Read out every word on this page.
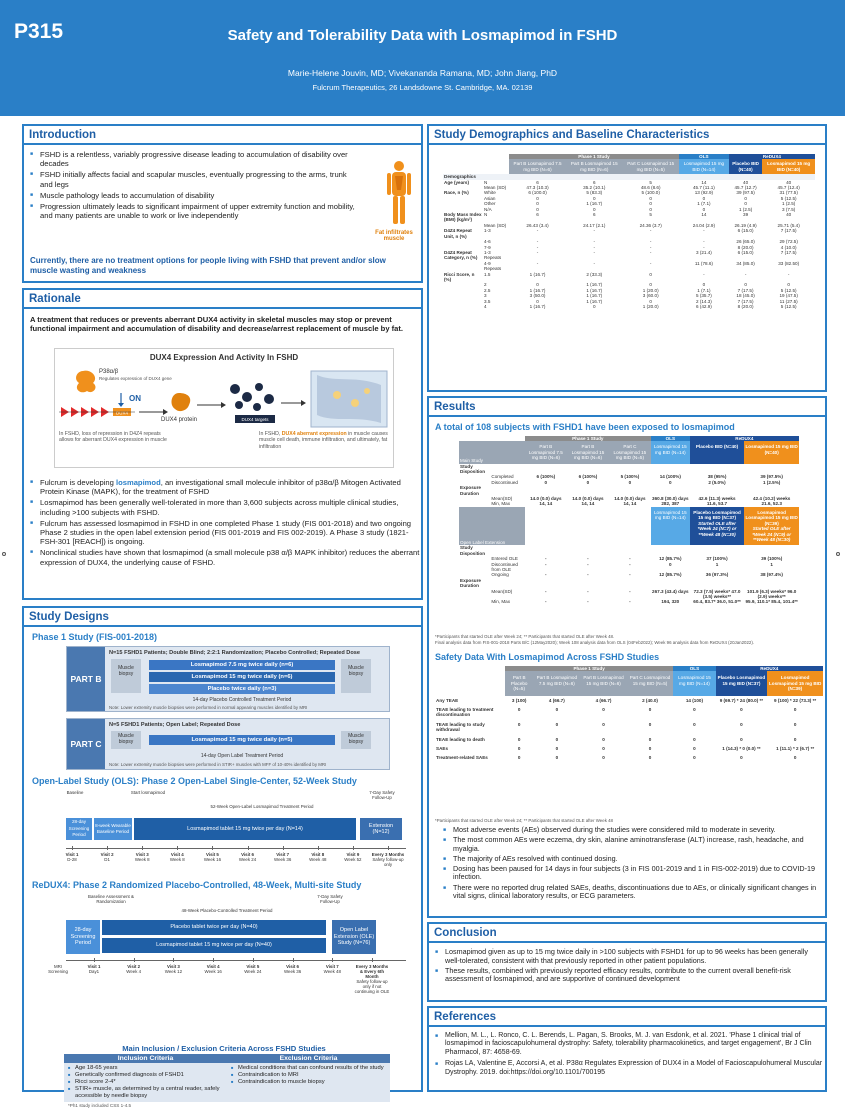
P315	Safety and Tolerability Data with Losmapimod in FSHD
Marie-Helene Jouvin, MD; Vivekananda Ramana, MD; John Jiang, PhD
Fulcrum Therapeutics, 26 Landsdowne St. Cambridge, MA. 02139
Introduction
■ FSHD is a relentless, variably progressive disease leading to accumulation of disability over decades
■ FSHD initially affects facial and scapular muscles, eventually progressing to the arms, trunk and legs
■ Muscle pathology leads to accumulation of disability
■ Progression ultimately leads to significant impairment of upper extremity function and mobility, and many patients are unable to work or live independently
Fat infiltrates muscle
Currently, there are no treatment options for people living with FSHD that prevent and/or slow muscle wasting and weakness
Rationale
A treatment that reduces or prevents aberrant DUX4 activity in skeletal muscles may stop or prevent functional impairment and accumulation of disability and decrease/arrest replacement of muscle by fat.
DUX4 Expression And Activity In FSHD
P38α/β
Regulates expression of DUX4 gene
DUX4
ON
DUX4 protein	DUX4 targets
In FSHD, loss of repression in D4Z4 repeats allows for aberrant DUX4 expression in muscle
In FSHD, DUX4 aberrant expression in muscle causes muscle cell death, immune infiltration, and ultimately, fat infiltration
■ Fulcrum is developing losmapimod, an investigational small molecule inhibitor of p38α/β Mitogen Activated Protein Kinase (MAPK), for the treatment of FSHD
■ Losmapimod has been generally well-tolerated in more than 3,600 subjects across multiple clinical studies, including >100 subjects with FSHD.
■ Fulcrum has assessed losmapimod in FSHD in one completed Phase 1 study (FIS 001-2018) and two ongoing Phase 2 studies in the open label extension period (FIS 001-2019 and FIS 002-2019). A Phase 3 study (1821-FSH-301 [REACH]) is ongoing.
■ Nonclinical studies have shown that losmapimod (a small molecule p38 α/β MAPK inhibitor) reduces the aberrant expression of DUX4, the underlying cause of FSHD.
Study Designs
Phase 1 Study (FIS-001-2018)
PART B
N=15 FSHD1 Patients; Double Blind; 2:2:1 Randomization; Placebo Controlled; Repeated Dose
Muscle biopsy
Muscle biopsy
Losmapimod 7.5 mg twice daily (n=6)
Losmapimod 15 mg twice daily (n=6)
Placebo twice daily (n=3)
14-day Placebo Controlled Treatment Period
Note: Lower extremity muscle biopsies were performed in normal appearing muscles identified by MRI
PART C
N=5 FSHD1 Patients; Open Label; Repeated Dose
Muscle biopsy
Muscle biopsy
Losmapimod 15 mg twice daily (n=5)
14-day Open Label Treatment Period
Note: Lower extremity muscle biopsies were performed in STIR+ muscles with MFF of 10-40% identified by MRI
Open-Label Study (OLS): Phase 2 Open-Label Single-Center, 52-Week Study
Baseline	Start losmapimod
52-Week Open-Label Losmapimod Treatment Period
7-Day Safety Follow-Up
28-day Screening Period
8-week Wearable Baseline Period	Losmapimod tablet 15 mg twice per day (N=14)
Extension (N=12)
Visit 1
D-28
Visit 2
D1
Visit 3
Week 8
Visit 4
Week 8
Visit 5
Week 16
Visit 6
Week 24
Visit 7
Week 36
Visit 8
Week 48
Visit 9
Week 52
Every 3 Months
Safety follow-up only
ReDUX4: Phase 2 Randomized Placebo-Controlled, 48-Week, Multi-site Study
Baseline Assessment & Randomization
48-Week Placebo-Controlled Treatment Period
7-Day Safety Follow-Up
28-day Screening Period
Placebo tablet twice per day (N=40)
Losmapimod tablet 15 mg twice per day (N=40)
Open Label Extension (OLE) Study (N=76)
MRI Screening
Visit 1
Day1
Visit 2
Week 4
Visit 3
Week 12
Visit 4
Week 16
Visit 5
Week 24
Visit 6
Week 36
Visit 7
Week 48
Every 3 Months & Every 6th Month
Safety follow-up only if not continuing in OLE
Main Inclusion / Exclusion Criteria Across FSHD Studies
Inclusion Criteria	Exclusion Criteria
■ Age 18-65 years
■ Genetically confirmed diagnosis of FSHD1
■ Ricci score 2-4*
■ STIR+ muscle, as determined by a central reader, safely accessible by needle biopsy
■ Medical conditions that can confound results of the study
■ Contraindication to MRI
■ Contraindication to muscle biopsy
*Ph1 study included CSS 1-4.5
Study Demographics and Baseline Characteristics
		Phase 1 Study			OLS	ReDUX4	
		Part B Losmapimod 7.5 mg BID (N=6)	Part B Losmapimod 15 mg BID (N=6)	Part C Losmapimod 15 mg BID (N=5)	Losmapimod 15 mg BID (N=14)	Placebo BID (N=40)	Losmapimod 15 mg BID (N=40)
Demographics							
Age (years)	N	6	6	5	14	40	40
	Mean (SD)	47.3 (10.3)	35.2 (10.1)	48.6 (8.6)	45.7 (11.1)	45.7 (12.7)	45.7 (12.4)
Race, n (%)	White	6 (100.0)	5 (83.3)	5 (100.0)	13 (92.9)	39 (97.5)	31 (77.5)
	Asian	0	0	0	0	0	5 (12.5)
	Other	0	1 (16.7)	0	1 (7.1)	0	1 (2.5)
	N/A	0	0	0	0	1 (2.5)	3 (7.5)
Body Mass Index (BMI) (kg/m²)	N	6	6	5	14	39	40
	Mean (SD)	26.43 (3.4)	24.17 (2.1)	24.36 (3.7)	24.04 (2.9)	26.19 (4.9)	25.71 (5.4)
D4Z4 Repeat Unit, n (%)	1-3	-	-	-	-	6 (15.0)	7 (17.5)
	4-6	-	-	-	-	26 (65.0)	29 (72.5)
	7-9	-	-	-	-	8 (20.0)	4 (10.0)
D4Z4 Repeat Category, n (%)	1-3 Repeats	-	-	-	3 (21.4)	6 (15.0)	7 (17.5)
	4-9 Repeats	-	-	-	11 (78.6)	34 (85.0)	33 (82.50)
Ricci Score, n (%)	1.5	1 (16.7)	2 (33.3)	0	-	-	-
	2	0	1 (16.7)	0	0	0	0
	2.5	1 (16.7)	1 (16.7)	1 (20.0)	1 (7.1)	7 (17.5)	5 (12.5)
	3	3 (50.0)	1 (16.7)	3 (60.0)	5 (35.7)	18 (45.0)	19 (47.5)
	3.5	0	1 (16.7)	0	2 (14.3)	7 (17.5)	11 (27.5)
	4	1 (16.7)	0	1 (20.0)	6 (42.9)	8 (20.0)	5 (12.5)
Results
A total of 108 subjects with FSHD1 have been exposed to losmapimod
		Phase 1 Study			OLS	ReDUX4	
Main Study		Part B Losmapimod 7.5 mg BID (N=6)	Part B Losmapimod 15 mg BID (N=6)	Part C Losmapimod 15 mg BID (N=5)	Losmapimod 15 mg BID (N=14)	Placebo BID (N=40)	Losmapimod 15 mg BID (N=40)
Study Disposition							
	Completed	6 (100%)	6 (100%)	5 (100%)	14 (100%)	38 (95%)	39 (97.5%)
	Discontinued	0	0	0	0	2 (5.0%)	1 (2.5%)
Exposure Duration							
	Mean(SD)	14.0 (0.0) days	14.0 (0.0) days	14.0 (0.0) days	360.8 (30.0) days	42.6 (11.3) weeks	42.4 (10.2) weeks
	Min, Max	14, 14	14, 14	14, 14	282, 387	11.6, 53.7	21.6, 52.3
Open Label Extension					Losmapimod 15 mg BID (N=14)	Placebo Losmapimod 15 mg BID (N=37)
Started OLE after *Week 24 (N=7) or **Week 48 (N=30)	Losmapimod Losmapimod 15 mg BID (N=39)
Started OLE after *Week 24 (N=9) or **Week 48 (N=30)
Study Disposition							
	Entered OLE	-	-	-	12 (85.7%)	37 (100%)	39 (100%)
	Discontinued from OLE	-	-	-	0	1	1
	Ongoing	-	-	-	12 (85.7%)	36 (97.3%)	38 (97.4%)
Exposure Duration							
	Mean(SD)	-	-	-	267.3 (43.4) days	72.3 (7.5) weeks* 47.0 (3.5) weeks**	101.9 (6.3) weeks* 96.0 (2.9) weeks**
	Min, Max	-	-	-	194, 320	60.4, 83.7* 36.0, 51.0**	95.9, 110.1* 85.4, 101.4**
*Participants that started OLE after Week 24; ** Participants that started OLE after Week 48.
Final analysis data from FIS-001-2018 Parts B/C (12May2020); Week 108 analysis data from OLS (04Feb2022); Week 96 analysis data from ReDUX4 (20Jan2022).
Safety Data With Losmapimod Across FSHD Studies
	Phase 1 Study				OLS	ReDUX4	
	Part B Placebo (N=5)	Part B Losmapimod 7.5 mg BID (N=6)	Part B Losmapimod 15 mg BID (N=6)	Part C Losmapimod 15 mg BID (N=5)	Losmapimod 15 mg BID (N=14)	Placebo Losmapimod 15 mg BID (N=37)	Losmapimod Losmapimod 15 mg BID (N=39)
Any TEAE	3 (100)	4 (66.7)	4 (66.7)	2 (40.0)	14 (100)	9 (69.7) * 24 (80.0) **	9 (100) * 22 (73.3) **
TEAE leading to treatment discontinuation	0	0	0	0	0	0	0
TEAE leading to study withdrawal	0	0	0	0	0	0	0
TEAE leading to death	0	0	0	0	0	0	0
SAEs	0	0	0	0	0	1 (14.3) * 0 (0.0) **	1 (11.1) * 2 (6.7) **
Treatment-related SAEs	0	0	0	0	0	0	0
*Participants that started OLE after Week 24; ** Participants that started OLE after Week 48
■ Most adverse events (AEs) observed during the studies were considered mild to moderate in severity.
■ The most common AEs were eczema, dry skin, alanine aminotransferase (ALT) increase, rash, headache, and myalgia.
■ The majority of AEs resolved with continued dosing.
■ Dosing has been paused for 14 days in four subjects (3 in FIS 001-2019 and 1 in FIS-002-2019) due to COVID-19 infection.
■ There were no reported drug related SAEs, deaths, discontinuations due to AEs, or clinically significant changes in vital signs, clinical laboratory results, or ECG parameters.
Conclusion
■ Losmapimod given as up to 15 mg twice daily in >100 subjects with FSHD1 for up to 96 weeks has been generally well-tolerated, consistent with that previously reported in other patient populations.
■ These results, combined with previously reported efficacy results, contribute to the current overall benefit-risk assessment of losmapimod, and are supportive of continued development
References
■ Mellion, M. L., L. Ronco, C. L. Berends, L. Pagan, S. Brooks, M. J. van Esdonk, et al. 2021. 'Phase 1 clinical trial of losmapimod in facioscapulohumeral dystrophy: Safety, tolerability pharmacokinetics, and target engagement', Br J Clin Pharmacol, 87: 4658-69.
■ Rojas LA, Valentine E, Accorsi A, et al. P38α Regulates Expression of DUX4 in a Model of Facioscapulohumeral Muscular Dystrophy. 2019. doi:https://doi.org/10.1101/700195
